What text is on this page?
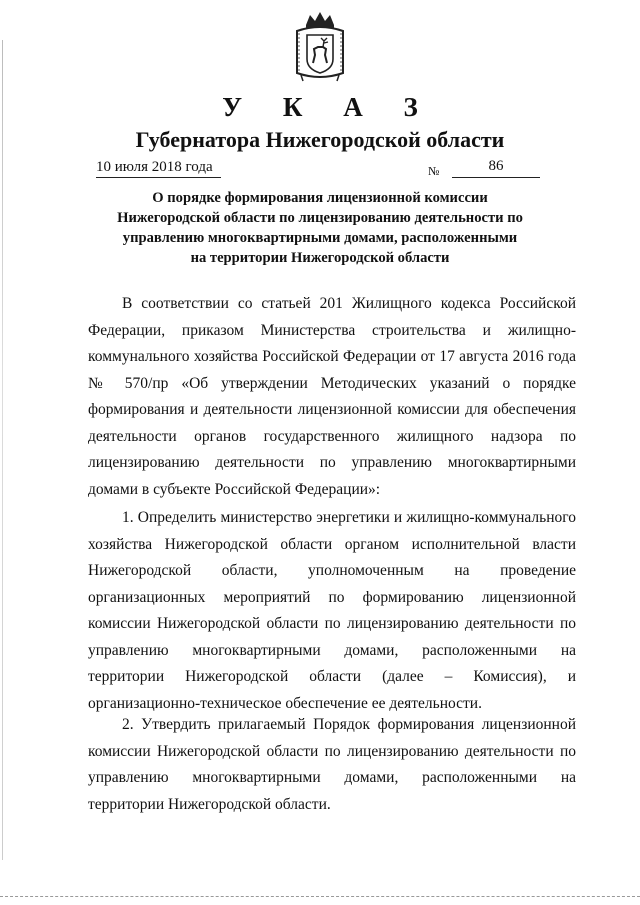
У К А З
Губернатора Нижегородской области
10 июля 2018 года	№	86
О порядке формирования лицензионной комиссии
Нижегородской области по лицензированию деятельности по
управлению многоквартирными домами, расположенными
на территории Нижегородской области

В соответствии со статьей 201 Жилищного кодекса Российской Федерации, приказом Министерства строительства и жилищно-коммунального хозяйства Российской Федерации от 17 августа 2016 года № 570/пр «Об утверждении Методических указаний о порядке формирования и деятельности лицензионной комиссии для обеспечения деятельности органов государственного жилищного надзора по лицензированию деятельности по управлению многоквартирными домами в субъекте Российской Федерации»:

1. Определить министерство энергетики и жилищно-коммунального хозяйства Нижегородской области органом исполнительной власти Нижегородской области, уполномоченным на проведение организационных мероприятий по формированию лицензионной комиссии Нижегородской области по лицензированию деятельности по управлению многоквартирными домами, расположенными на территории Нижегородской области (далее – Комиссия), и организационно-техническое обеспечение ее деятельности.

2. Утвердить прилагаемый Порядок формирования лицензионной комиссии Нижегородской области по лицензированию деятельности по управлению многоквартирными домами, расположенными на территории Нижегородской области.
